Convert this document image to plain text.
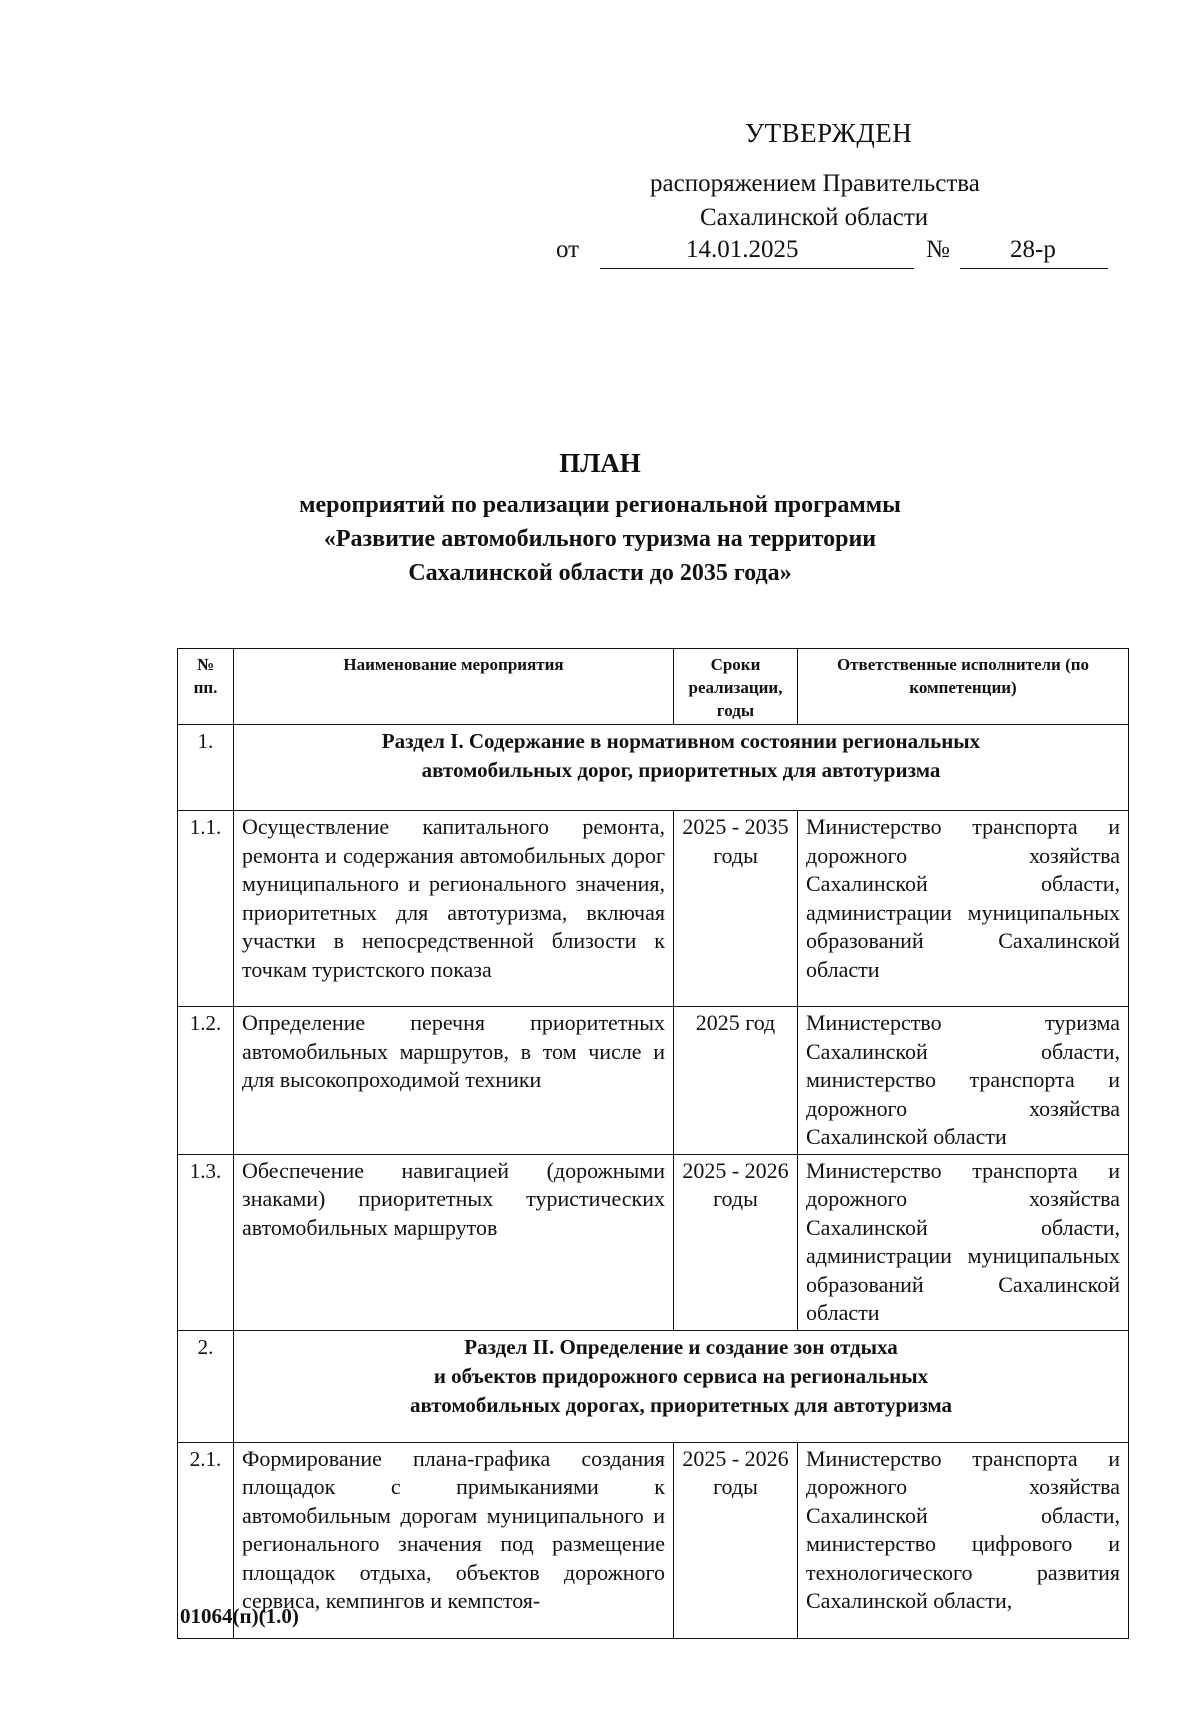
УТВЕРЖДЕН
распоряжением Правительства
Сахалинской области
от	14.01.2025	№ 28-р
ПЛАН
мероприятий по реализации региональной программы
«Развитие автомобильного туризма на территории
Сахалинской области до 2035 года»
№ пп.	Наименование мероприятия	Сроки реализации, годы	Ответственные исполнители (по компетенции)
1.	Раздел I. Содержание в нормативном состоянии региональных
автомобильных дорог, приоритетных для автотуризма		

1.1.	Осуществление капитального ремонта, ремонта и содержания автомобильных дорог муниципального и регионального значения, приоритетных для автотуризма, включая участки в непосредственной близости к точкам туристского показа	2025 - 2035 годы	Министерство транспорта и дорожного хозяйства Сахалинской области, администрации муниципальных образований Сахалинской области
1.2.	Определение перечня приоритетных автомобильных маршрутов, в том числе и для высокопроходимой техники	2025 год	Министерство туризма Сахалинской области, министерство транспорта и дорожного хозяйства Сахалинской области
1.3.	Обеспечение навигацией (дорожными знаками) приоритетных туристических автомобильных маршрутов	2025 - 2026 годы	Министерство транспорта и дорожного хозяйства Сахалинской области, администрации муниципальных образований Сахалинской области
2.	Раздел II. Определение и создание зон отдыха
и объектов придорожного сервиса на региональных
автомобильных дорогах, приоритетных для автотуризма		

2.1.	Формирование плана-графика создания площадок с примыканиями к автомобильным дорогам муниципального и регионального значения под размещение площадок отдыха, объектов дорожного сервиса, кемпингов и кемпстоя-	2025 - 2026 годы	Министерство транспорта и дорожного хозяйства Сахалинской области, министерство цифрового и технологического развития Сахалинской области,
01064(п)(1.0)
